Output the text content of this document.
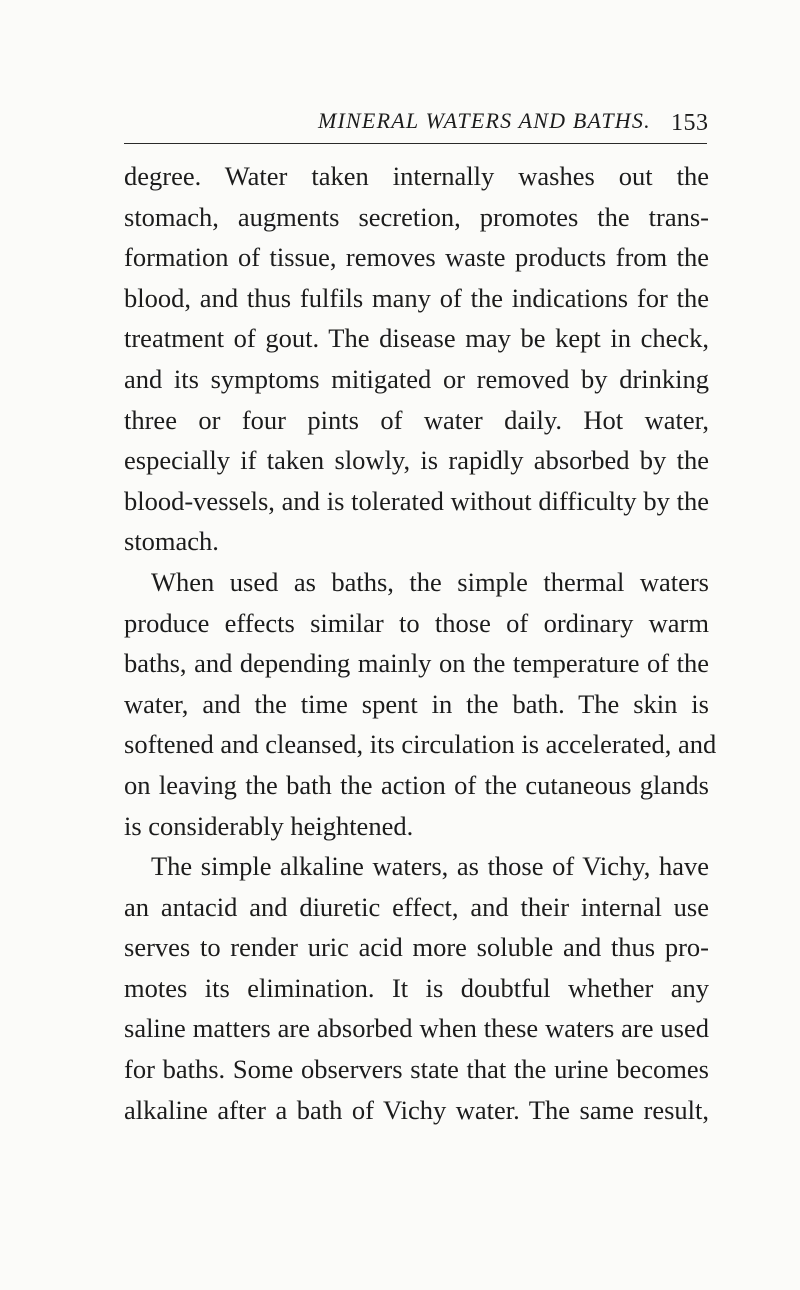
MINERAL WATERS AND BATHS. 153
degree. Water taken internally washes out the
stomach, augments secretion, promotes the trans-
formation of tissue, removes waste products from the
blood, and thus fulfils many of the indications for the
treatment of gout. The disease may be kept in check,
and its symptoms mitigated or removed by drinking
three or four pints of water daily. Hot water,
especially if taken slowly, is rapidly absorbed by the
blood-vessels, and is tolerated without difficulty by the
stomach.
When used as baths, the simple thermal waters
produce effects similar to those of ordinary warm
baths, and depending mainly on the temperature of the
water, and the time spent in the bath. The skin is
softened and cleansed, its circulation is accelerated, and
on leaving the bath the action of the cutaneous glands
is considerably heightened.
The simple alkaline waters, as those of Vichy, have
an antacid and diuretic effect, and their internal use
serves to render uric acid more soluble and thus pro-
motes its elimination. It is doubtful whether any
saline matters are absorbed when these waters are used
for baths. Some observers state that the urine becomes
alkaline after a bath of Vichy water. The same result,
